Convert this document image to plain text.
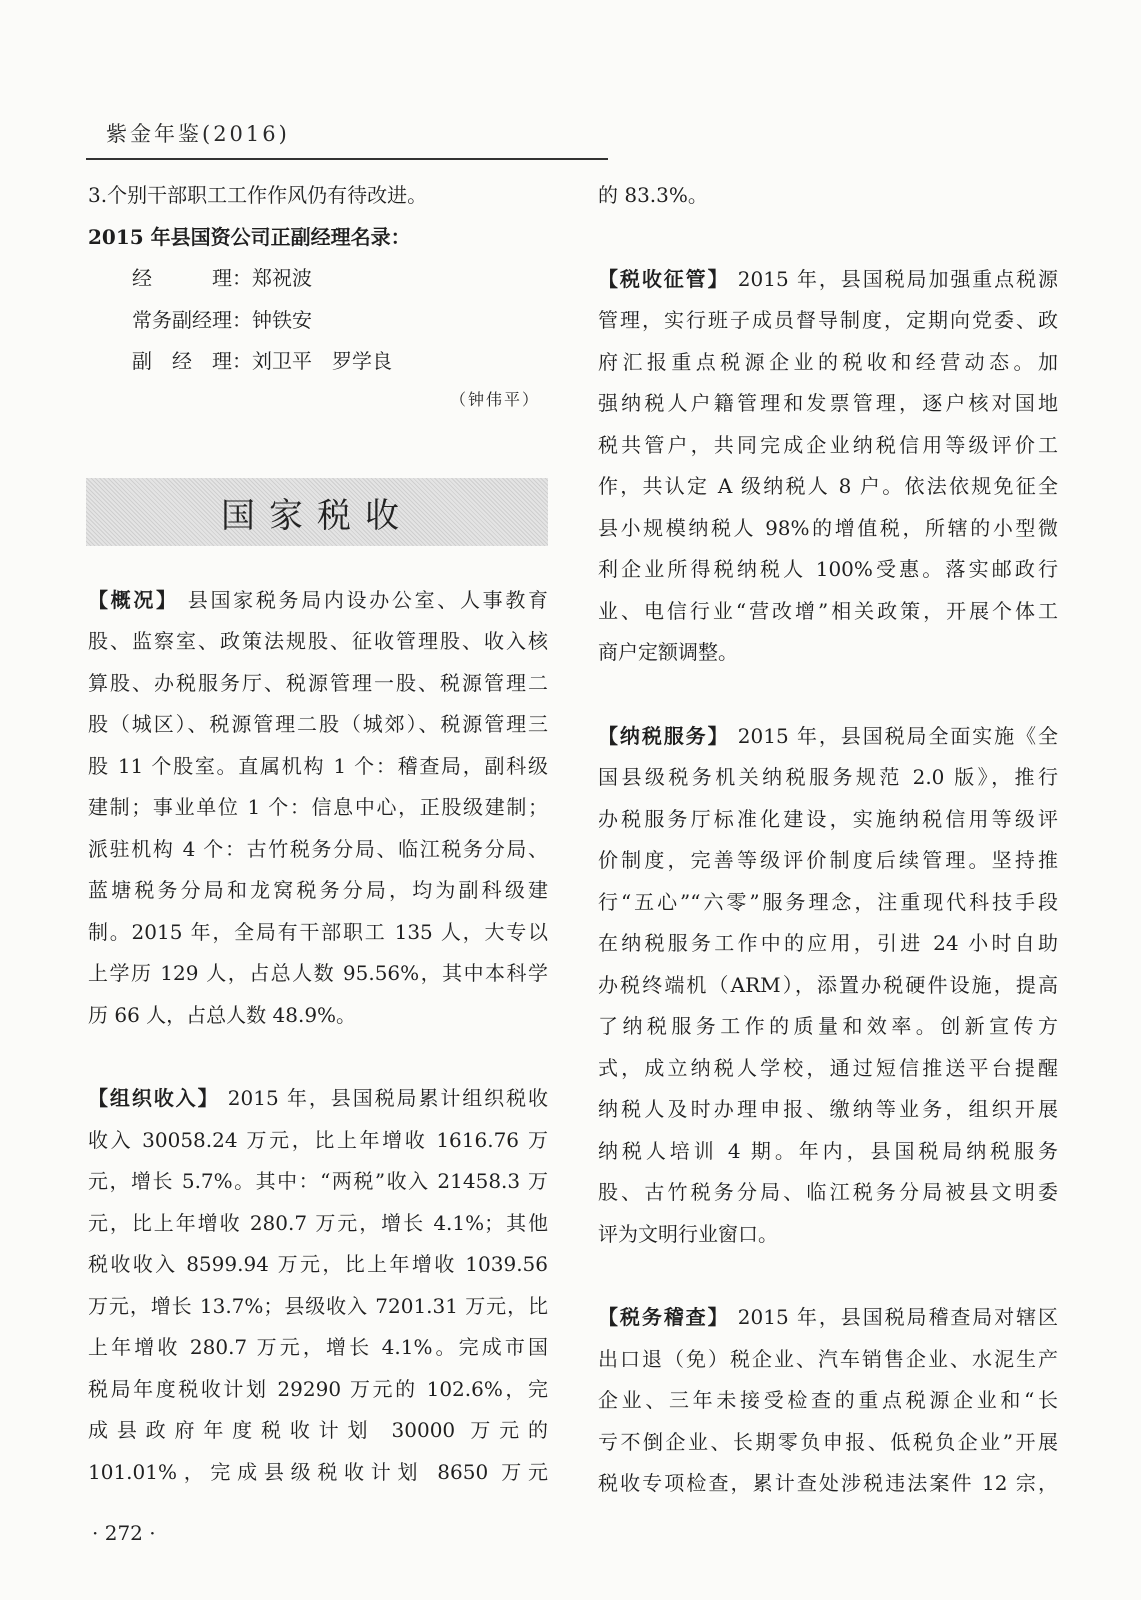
紫金年鉴(2016)
3.个别干部职工工作作风仍有待改进。
2015 年县国资公司正副经理名录：
经　　　理：郑祝波
常务副经理：钟铁安
副　经　理：刘卫平　罗学良
（钟伟平）
【概况】 县国家税务局内设办公室、人事教育
股、监察室、政策法规股、征收管理股、收入核
算股、办税服务厅、税源管理一股、税源管理二
股（城区）、税源管理二股（城郊）、税源管理三
股 11 个股室。直属机构 1 个：稽查局，副科级
建制；事业单位 1 个：信息中心，正股级建制；
派驻机构 4 个：古竹税务分局、临江税务分局、
蓝塘税务分局和龙窝税务分局，均为副科级建
制。2015 年，全局有干部职工 135 人，大专以
上学历 129 人，占总人数 95.56%，其中本科学
历 66 人，占总人数 48.9%。
【组织收入】 2015 年，县国税局累计组织税收
收入 30058.24 万元，比上年增收 1616.76 万
元，增长 5.7%。其中：“两税”收入 21458.3 万
元，比上年增收 280.7 万元，增长 4.1%；其他
税收收入 8599.94 万元，比上年增收 1039.56
万元，增长 13.7%；县级收入 7201.31 万元，比
上年增收 280.7 万元，增长 4.1%。完成市国
税局年度税收计划 29290 万元的 102.6%，完
成县政府年度税收计划 30000 万元的
101.01%，完成县级税收计划 8650 万元
国家税收
· 272 ·
的 83.3%。
【税收征管】 2015 年，县国税局加强重点税源
管理，实行班子成员督导制度，定期向党委、政
府汇报重点税源企业的税收和经营动态。加
强纳税人户籍管理和发票管理，逐户核对国地
税共管户，共同完成企业纳税信用等级评价工
作，共认定 A 级纳税人 8 户。依法依规免征全
县小规模纳税人 98%的增值税，所辖的小型微
利企业所得税纳税人 100%受惠。落实邮政行
业、电信行业“营改增”相关政策，开展个体工
商户定额调整。
【纳税服务】 2015 年，县国税局全面实施《全
国县级税务机关纳税服务规范 2.0 版》，推行
办税服务厅标准化建设，实施纳税信用等级评
价制度，完善等级评价制度后续管理。坚持推
行“五心”“六零”服务理念，注重现代科技手段
在纳税服务工作中的应用，引进 24 小时自助
办税终端机（ARM），添置办税硬件设施，提高
了纳税服务工作的质量和效率。创新宣传方
式，成立纳税人学校，通过短信推送平台提醒
纳税人及时办理申报、缴纳等业务，组织开展
纳税人培训 4 期。年内，县国税局纳税服务
股、古竹税务分局、临江税务分局被县文明委
评为文明行业窗口。
【税务稽查】 2015 年，县国税局稽查局对辖区
出口退（免）税企业、汽车销售企业、水泥生产
企业、三年未接受检查的重点税源企业和“长
亏不倒企业、长期零负申报、低税负企业”开展
税收专项检查，累计查处涉税违法案件 12 宗，
